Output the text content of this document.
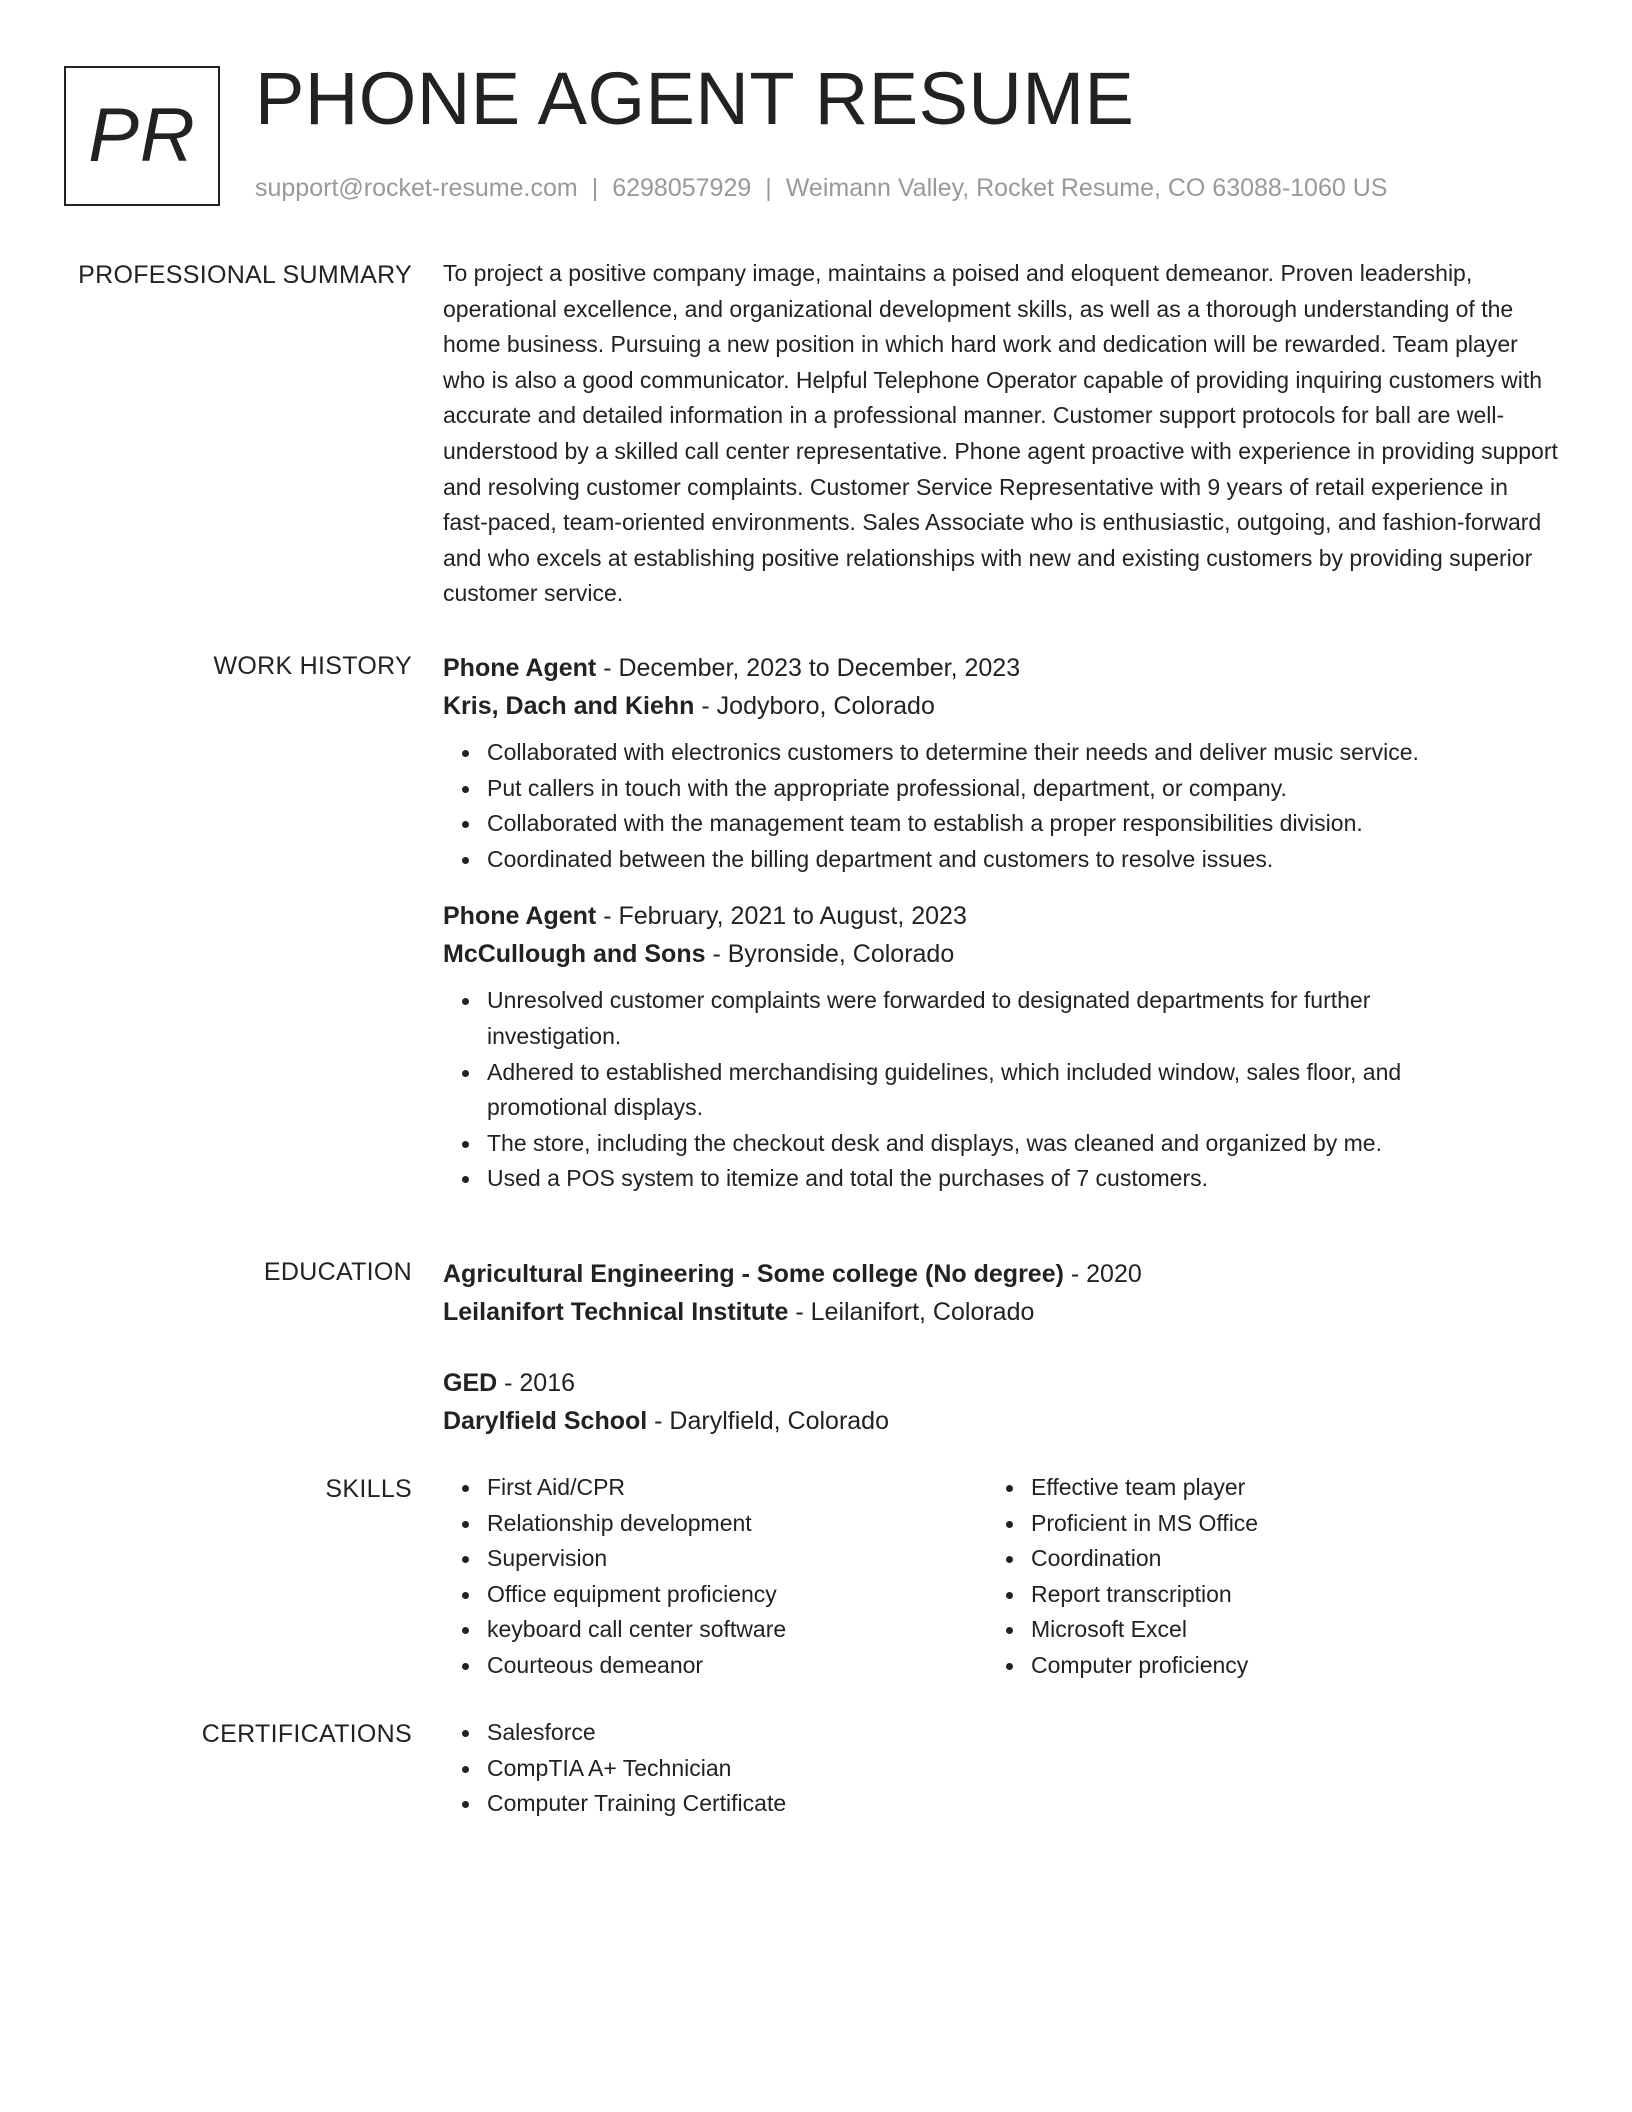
PR PHONE AGENT RESUME
support@rocket-resume.com | 6298057929 | Weimann Valley, Rocket Resume, CO 63088-1060 US
PROFESSIONAL SUMMARY To project a positive company image, maintains a poised and eloquent demeanor. Proven leadership, operational excellence, and organizational development skills, as well as a thorough understanding of the home business. Pursuing a new position in which hard work and dedication will be rewarded. Team player who is also a good communicator. Helpful Telephone Operator capable of providing inquiring customers with accurate and detailed information in a professional manner. Customer support protocols for ball are well-understood by a skilled call center representative. Phone agent proactive with experience in providing support and resolving customer complaints. Customer Service Representative with 9 years of retail experience in fast-paced, team-oriented environments. Sales Associate who is enthusiastic, outgoing, and fashion-forward and who excels at establishing positive relationships with new and existing customers by providing superior customer service.

WORK HISTORY Phone Agent - December, 2023 to December, 2023
Kris, Dach and Kiehn - Jodyboro, Colorado
Collaborated with electronics customers to determine their needs and deliver music service.
Put callers in touch with the appropriate professional, department, or company.
Collaborated with the management team to establish a proper responsibilities division.
Coordinated between the billing department and customers to resolve issues.
Phone Agent - February, 2021 to August, 2023
McCullough and Sons - Byronside, Colorado
Unresolved customer complaints were forwarded to designated departments for further investigation.
Adhered to established merchandising guidelines, which included window, sales floor, and promotional displays.
The store, including the checkout desk and displays, was cleaned and organized by me.
Used a POS system to itemize and total the purchases of 7 customers.
EDUCATION Agricultural Engineering - Some college (No degree) - 2020
Leilanifort Technical Institute - Leilanifort, Colorado
GED - 2016
Darylfield School - Darylfield, Colorado
SKILLS	First Aid/CPR
Relationship development
Supervision
Office equipment proficiency
keyboard call center software
Courteous demeanor
Effective team player
Proficient in MS Office
Coordination
Report transcription
Microsoft Excel
Computer proficiency
CERTIFICATIONS	Salesforce
CompTIA A+ Technician
Computer Training Certificate
